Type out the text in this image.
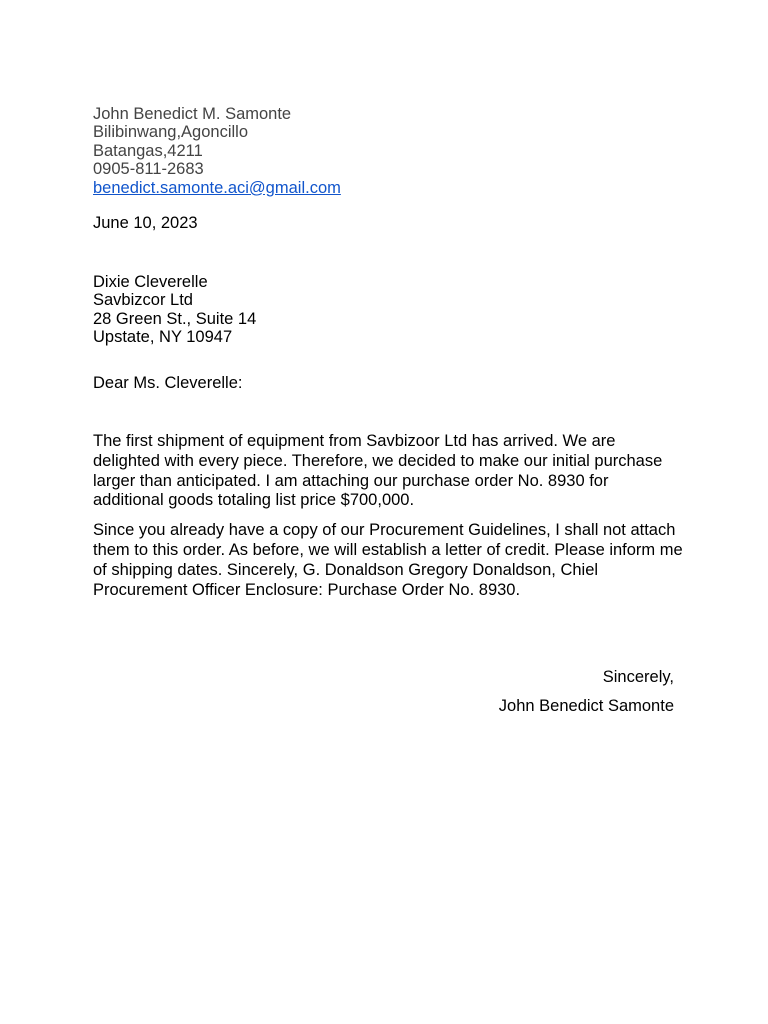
John Benedict M. Samonte
Bilibinwang,Agoncillo
Batangas,4211
0905-811-2683
benedict.samonte.aci@gmail.com
June 10, 2023
Dixie Cleverelle
Savbizcor Ltd
28 Green St., Suite 14
Upstate, NY 10947
Dear Ms. Cleverelle:

The first shipment of equipment from Savbizoor Ltd has arrived. We are delighted with every piece. Therefore, we decided to make our initial purchase larger than anticipated. I am attaching our purchase order No. 8930 for additional goods totaling list price $700,000.

Since you already have a copy of our Procurement Guidelines, I shall not attach them to this order. As before, we will establish a letter of credit. Please inform me of shipping dates. Sincerely, G. Donaldson Gregory Donaldson, Chiel Procurement Officer Enclosure: Purchase Order No. 8930.

Sincerely,
John Benedict Samonte
